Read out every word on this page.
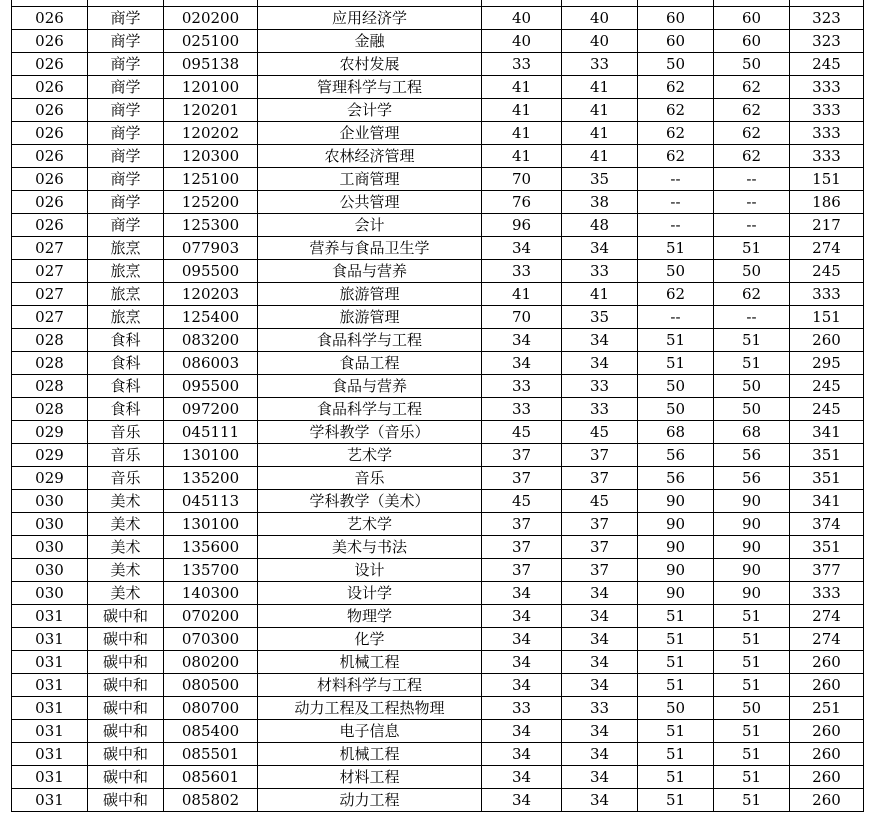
026	商学	020200	应用经济学	40	40	60	60	323
026	商学	025100	金融	40	40	60	60	323
026	商学	095138	农村发展	33	33	50	50	245
026	商学	120100	管理科学与工程	41	41	62	62	333
026	商学	120201	会计学	41	41	62	62	333
026	商学	120202	企业管理	41	41	62	62	333
026	商学	120300	农林经济管理	41	41	62	62	333
026	商学	125100	工商管理	70	35	--	--	151
026	商学	125200	公共管理	76	38	--	--	186
026	商学	125300	会计	96	48	--	--	217
027	旅烹	077903	营养与食品卫生学	34	34	51	51	274
027	旅烹	095500	食品与营养	33	33	50	50	245
027	旅烹	120203	旅游管理	41	41	62	62	333
027	旅烹	125400	旅游管理	70	35	--	--	151
028	食科	083200	食品科学与工程	34	34	51	51	260
028	食科	086003	食品工程	34	34	51	51	295
028	食科	095500	食品与营养	33	33	50	50	245
028	食科	097200	食品科学与工程	33	33	50	50	245
029	音乐	045111	学科教学（音乐）	45	45	68	68	341
029	音乐	130100	艺术学	37	37	56	56	351
029	音乐	135200	音乐	37	37	56	56	351
030	美术	045113	学科教学（美术）	45	45	90	90	341
030	美术	130100	艺术学	37	37	90	90	374
030	美术	135600	美术与书法	37	37	90	90	351
030	美术	135700	设计	37	37	90	90	377
030	美术	140300	设计学	34	34	90	90	333
031	碳中和	070200	物理学	34	34	51	51	274
031	碳中和	070300	化学	34	34	51	51	274
031	碳中和	080200	机械工程	34	34	51	51	260
031	碳中和	080500	材料科学与工程	34	34	51	51	260
031	碳中和	080700	动力工程及工程热物理	33	33	50	50	251
031	碳中和	085400	电子信息	34	34	51	51	260
031	碳中和	085501	机械工程	34	34	51	51	260
031	碳中和	085601	材料工程	34	34	51	51	260
031	碳中和	085802	动力工程	34	34	51	51	260
